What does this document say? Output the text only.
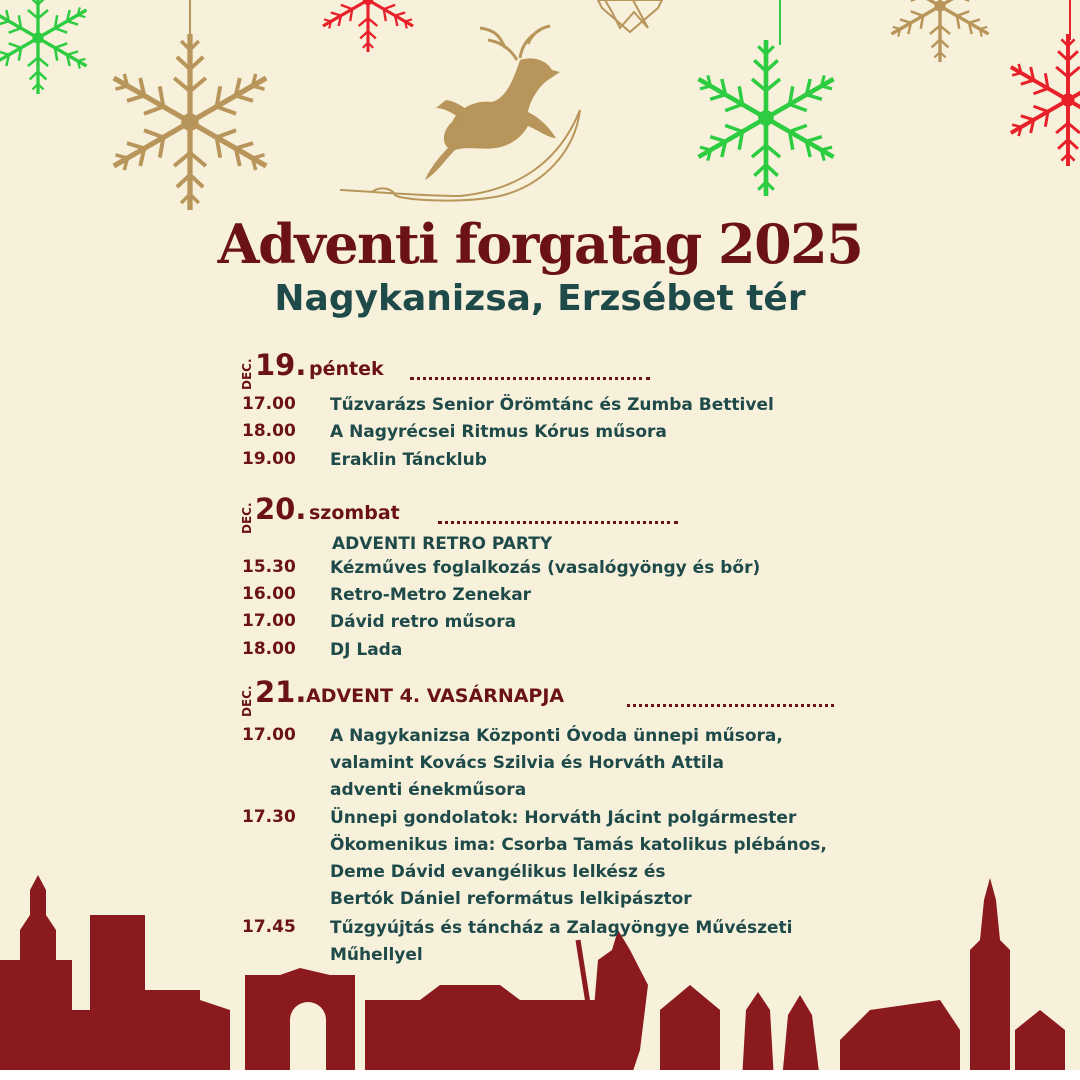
Adventi forgatag 2025
Nagykanizsa, Erzsébet tér
DEC. 19. péntek
17.00 Tűzvarázs Senior Örömtánc és Zumba Bettivel
18.00 A Nagyrécsei Ritmus Kórus műsora
19.00 Eraklin Táncklub
DEC. 20. szombat
ADVENTI RETRO PARTY
15.30 Kézműves foglalkozás (vasalógyöngy és bőr)
16.00 Retro-Metro Zenekar
17.00 Dávid retro műsora
18.00 DJ Lada
DEC. 21. ADVENT 4. VASÁRNAPJA
17.00 A Nagykanizsa Központi Óvoda ünnepi műsora,
valamint Kovács Szilvia és Horváth Attila
adventi énekműsora
17.30 Ünnepi gondolatok: Horváth Jácint polgármester
Ökomenikus ima: Csorba Tamás katolikus plébános,
Deme Dávid evangélikus lelkész és
Bertók Dániel református lelkipásztor
17.45 Tűzgyújtás és táncház a Zalagyöngye Művészeti
Műhellyel
